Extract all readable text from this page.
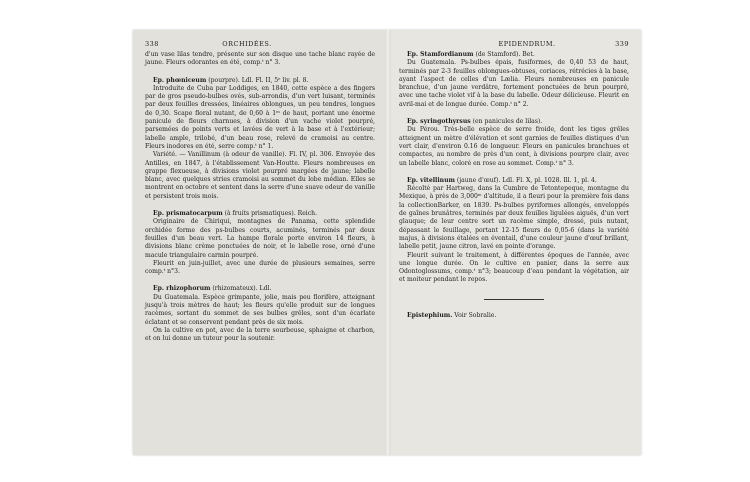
338	ORCHIDÉES.

d'un vase lilas tendre, présente sur son disque une tache blanc rayée de jaune. Fleurs odorantes en été, comp.ᵗ n° 3.

Ep. phœniceum (pourpre). Ldl. Fl. II, 5ᵉ liv. pl. 8.

Introduite de Cuba par Loddiges, en 1840, cette espèce a des fingers par de gros pseudo-bulbes ovés, sub-arrondis, d'un vert luisant, terminés par deux feuilles dressées, linéaires oblongues, un peu tendres, longues de 0,30. Scape floral nutant, de 0,60 à 1ᵐ de haut, portant une énorme panicule de fleurs charnues, à division d'un vache violet pourpré, parsemées de points verts et lavées de vert à la base et à l'extérieur; labelle ample, trilobé, d'un beau rose, relevé de cramoisi au centre. Fleurs inodores en été, serre comp.ᵗ n° 1.

Variété. — Vanillinum (à odeur de vanille). Fl. IV, pl. 306. Envoyée des Antilles, en 1847, à l'établissement Van-Houtte. Fleurs nombreuses en grappe flexueuse, à divisions violet pourpré margées de jaune; labelle blanc, avec quelques stries cramoisi au sommet du lobe médian. Elles se montrent en octobre et sentent dans la serre d'une suave odeur de vanille et persistent trois mois.

Ep. prismatocarpum (à fruits prismatiques). Reich.

Originaire de Chiriqui, montagnes de Panama, cette splendide orchidée forme des ps-bulbes courts, acuminés, terminés par deux feuilles d'un beau vert. La hampe florale porte environ 14 fleurs, à divisions blanc crème ponctuées de noir, et le labelle rose, orné d'une macule triangulaire carmin pourpré.

Fleurit en juin-juillet, avec une durée de plusieurs semaines, serre comp.ᵗ n°3.

Ep. rhizophorum (rhizomateux). Ldl.

Du Guatemala. Espèce grimpante, jolie, mais peu florifère, atteignant jusqu'à trois mètres de haut; les fleurs qu'elle produit sur de longues racèmes, sortant du sommet de ses bulbes grêles, sont d'un écarlate éclatant et se conservent pendant près de six mois.

On la cultive en pot, avec de la terre sourbeuse, sphaigne et charbon, et on lui donne un tuteur pour la soutenir.

EPIDENDRUM.	339

Ep. Stamfordianum (de Stamford). Bet.

Du Guatemala. Ps-bulbes épais, fusiformes, de 0,40 53 de haut, terminés par 2-3 feuilles oblongues-obtuses, coriaces, rétrécies à la base, ayant l'aspect de celles d'un Lælia. Fleurs nombreuses en panicule branchue, d'un jaune verdâtre, fortement ponctuées de brun pourpré, avec une tache violet vif à la base du labelle. Odeur délicieuse. Fleurit en avril-mai et de longue durée. Comp.ᵗ n° 2.

Ep. syringothyrsus (en panicules de lilas).

Du Pérou. Très-belle espèce de serre froide, dont les tiges grêles atteignent un mètre d'élévation et sont garnies de feuilles distiques d'un vert clair, d'environ 0.16 de longueur. Fleurs en panicules branchues et compactes, au nombre de près d'un cent, à divisions pourpre clair, avec un labelle blanc, coloré en rose au sommet. Comp.ᵗ n° 3.

Ep. vitellinum (jaune d'œuf). Ldl. Fl. X, pl. 1028. Ill. 1, pl. 4.

Récolté par Hartweg, dans la Cumbre de Tetontepeque, montagne du Mexique, à près de 3,000ᵐ d'altitude, il a fleuri pour la première fois dans la collectionBarker, en 1839. Ps-bulbes pyriformes allongés, enveloppés de gaînes brunâtres, terminés par deux feuilles ligulées aiguës, d'un vert glauque; de leur centre sort un racème simple, dressé, puis nutant, dépassant le feuillage, portant 12-15 fleurs de 0,05-6 (dans la variété majus, à divisions étalées en éventail, d'une couleur jaune d'œuf brillant, labelle petit, jaune citron, lavé en pointe d'orange.

Fleurit suivant le traitement, à différentes époques de l'année, avec une longue durée. On le cultive en panier, dans la serre aux Odontoglossums, comp.ᵗ n°3; beaucoup d'eau pendant la végétation, air et moiteur pendant le repos.

Epistephium. Voir Sobralie.
